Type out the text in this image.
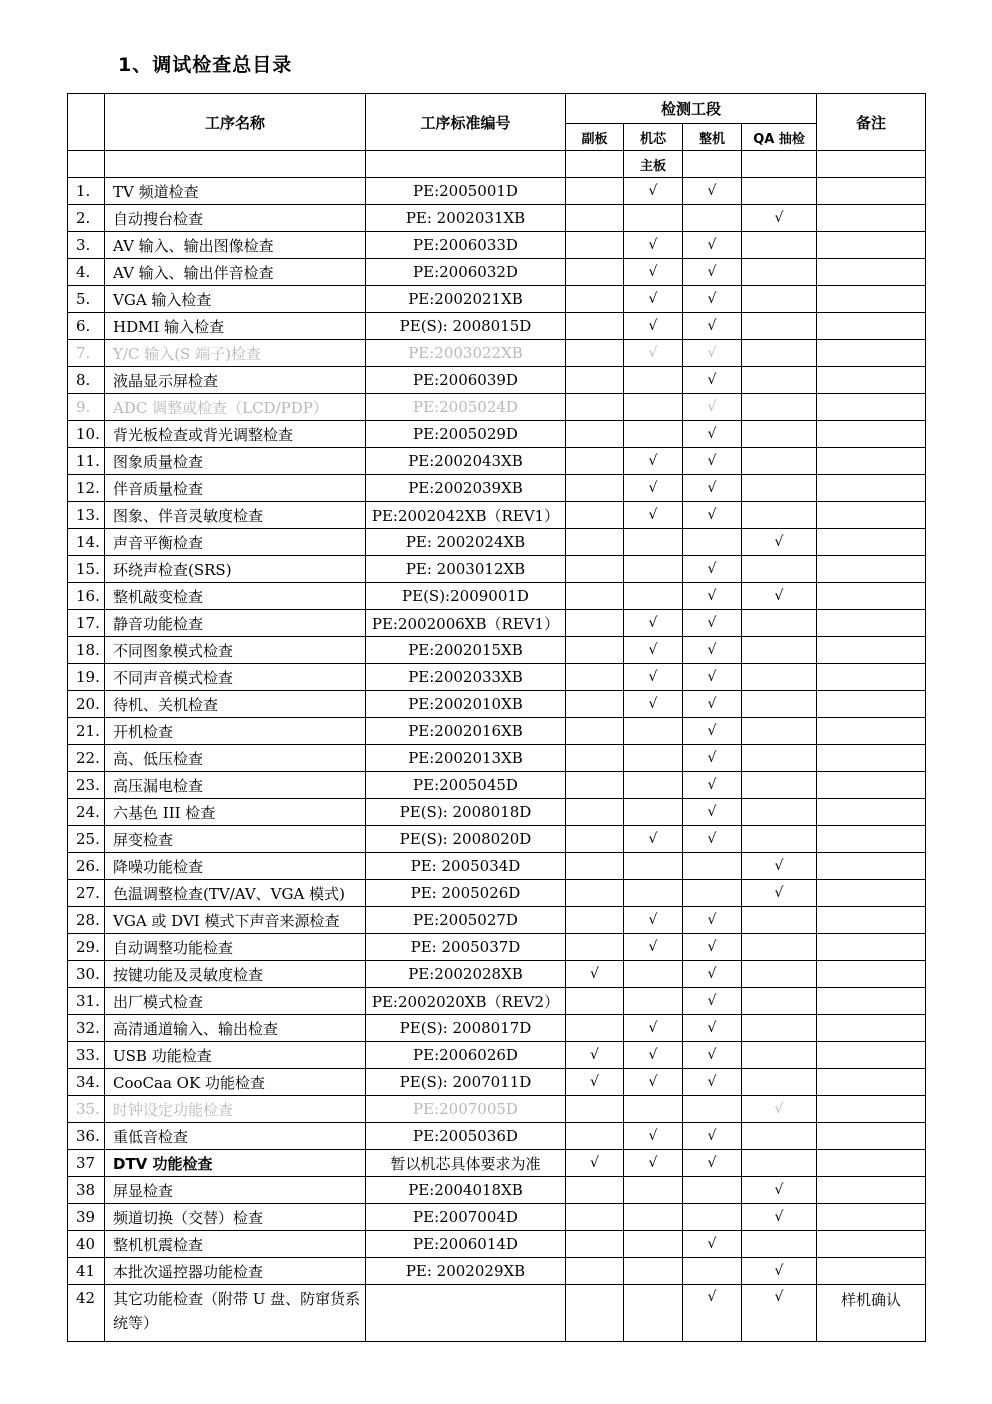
1、调试检查总目录
	工序名称	工序标准编号	检测工段				备注
			副板	机芯	整机	QA 抽检	
				主板			
1.	TV 频道检查	PE:2005001D		√	√		
2.	自动搜台检查	PE: 2002031XB				√	
3.	AV 输入、输出图像检查	PE:2006033D		√	√		
4.	AV 输入、输出伴音检查	PE:2006032D		√	√		
5.	VGA 输入检查	PE:2002021XB		√	√		
6.	HDMI 输入检查	PE(S): 2008015D		√	√		
7.	Y/C 输入(S 端子)检查	PE:2003022XB		√	√		
8.	液晶显示屏检查	PE:2006039D			√		
9.	ADC 调整或检查（LCD/PDP）	PE:2005024D			√		
10.	背光板检查或背光调整检查	PE:2005029D			√		
11.	图象质量检查	PE:2002043XB		√	√		
12.	伴音质量检查	PE:2002039XB		√	√		
13.	图象、伴音灵敏度检查	PE:2002042XB（REV1）		√	√		
14.	声音平衡检查	PE: 2002024XB				√	
15.	环绕声检查(SRS)	PE: 2003012XB			√		
16.	整机敲变检查	PE(S):2009001D			√	√	
17.	静音功能检查	PE:2002006XB（REV1）		√	√		
18.	不同图象模式检查	PE:2002015XB		√	√		
19.	不同声音模式检查	PE:2002033XB		√	√		
20.	待机、关机检查	PE:2002010XB		√	√		
21.	开机检查	PE:2002016XB			√		
22.	高、低压检查	PE:2002013XB			√		
23.	高压漏电检查	PE:2005045D			√		
24.	六基色 III 检查	PE(S): 2008018D			√		
25.	屏变检查	PE(S): 2008020D		√	√		
26.	降噪功能检查	PE: 2005034D				√	
27.	色温调整检查(TV/AV、VGA 模式)	PE: 2005026D				√	
28.	VGA 或 DVI 模式下声音来源检查	PE:2005027D		√	√		
29.	自动调整功能检查	PE: 2005037D		√	√		
30.	按键功能及灵敏度检查	PE:2002028XB	√		√		
31.	出厂模式检查	PE:2002020XB（REV2）			√		
32.	高清通道输入、输出检查	PE(S): 2008017D		√	√		
33.	USB 功能检查	PE:2006026D	√	√	√		
34.	CooCaa OK 功能检查	PE(S): 2007011D	√	√	√		
35.	时钟设定功能检查	PE:2007005D				√	
36.	重低音检查	PE:2005036D		√	√		
37	DTV 功能检查	暂以机芯具体要求为准	√	√	√		
38	屏显检查	PE:2004018XB				√	
39	频道切换（交替）检查	PE:2007004D				√	
40	整机机震检查	PE:2006014D			√		
41	本批次遥控器功能检查	PE: 2002029XB				√	
42	其它功能检查（附带 U 盘、防窜货系统等）				√	√	样机确认
